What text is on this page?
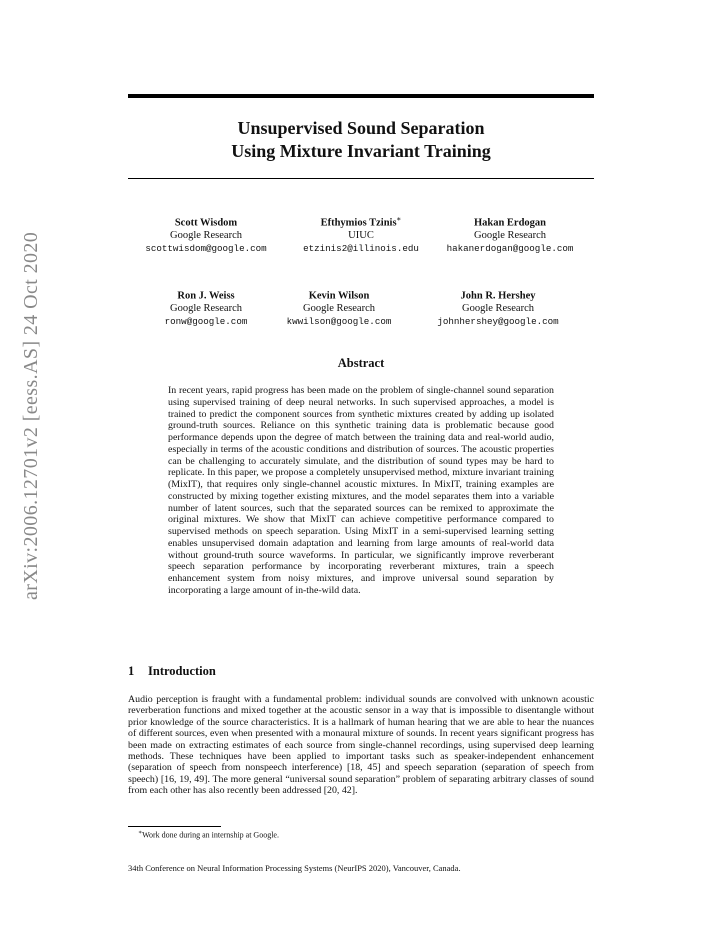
arXiv:2006.12701v2 [eess.AS] 24 Oct 2020
Unsupervised Sound Separation
Using Mixture Invariant Training
Scott Wisdom
Google Research
scottwisdom@google.com
Efthymios Tzinis∗
UIUC
etzinis2@illinois.edu
Hakan Erdogan
Google Research
hakanerdogan@google.com
Ron J. Weiss
Google Research
ronw@google.com
Kevin Wilson
Google Research
kwwilson@google.com
John R. Hershey
Google Research
johnhershey@google.com
Abstract
In recent years, rapid progress has been made on the problem of single-channel sound separation using supervised training of deep neural networks. In such supervised approaches, a model is trained to predict the component sources from synthetic mixtures created by adding up isolated ground-truth sources. Reliance on this synthetic training data is problematic because good performance depends upon the degree of match between the training data and real-world audio, especially in terms of the acoustic conditions and distribution of sources. The acoustic properties can be challenging to accurately simulate, and the distribution of sound types may be hard to replicate. In this paper, we propose a completely unsupervised method, mixture invariant training (MixIT), that requires only single-channel acoustic mixtures. In MixIT, training examples are constructed by mixing together existing mixtures, and the model separates them into a variable number of latent sources, such that the separated sources can be remixed to approximate the original mixtures. We show that MixIT can achieve competitive performance compared to supervised methods on speech separation. Using MixIT in a semi-supervised learning setting enables unsupervised domain adaptation and learning from large amounts of real-world data without ground-truth source waveforms. In particular, we significantly improve reverberant speech separation performance by incorporating reverberant mixtures, train a speech enhancement system from noisy mixtures, and improve universal sound separation by incorporating a large amount of in-the-wild data.
1 Introduction
Audio perception is fraught with a fundamental problem: individual sounds are convolved with unknown acoustic reverberation functions and mixed together at the acoustic sensor in a way that is impossible to disentangle without prior knowledge of the source characteristics. It is a hallmark of human hearing that we are able to hear the nuances of different sources, even when presented with a monaural mixture of sounds. In recent years significant progress has been made on extracting estimates of each source from single-channel recordings, using supervised deep learning methods. These techniques have been applied to important tasks such as speaker-independent enhancement (separation of speech from nonspeech interference) [18, 45] and speech separation (separation of speech from speech) [16, 19, 49]. The more general “universal sound separation” problem of separating arbitrary classes of sound from each other has also recently been addressed [20, 42].
∗Work done during an internship at Google.
34th Conference on Neural Information Processing Systems (NeurIPS 2020), Vancouver, Canada.
